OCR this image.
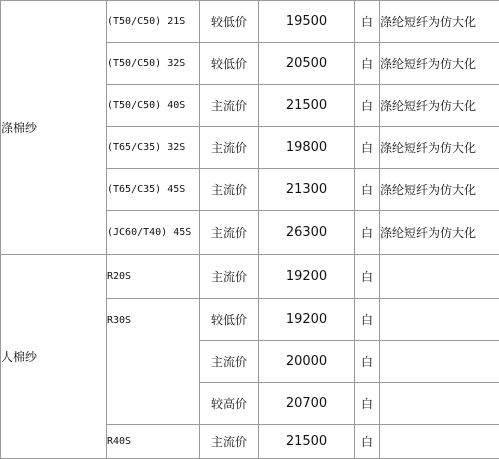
涤棉纱	(T50/C50) 21S	较低价	19500	白	涤纶短纤为仿大化
	(T50/C50) 32S	较低价	20500	白	涤纶短纤为仿大化
	(T50/C50) 40S	主流价	21500	白	涤纶短纤为仿大化
	(T65/C35) 32S	主流价	19800	白	涤纶短纤为仿大化
	(T65/C35) 45S	主流价	21300	白	涤纶短纤为仿大化
	(JC60/T40) 45S	主流价	26300	白	涤纶短纤为仿大化
人棉纱	R20S	主流价	19200	白	
	R30S	较低价	19200	白	
		主流价	20000	白	
		较高价	20700	白	
	R40S	主流价	21500	白	
